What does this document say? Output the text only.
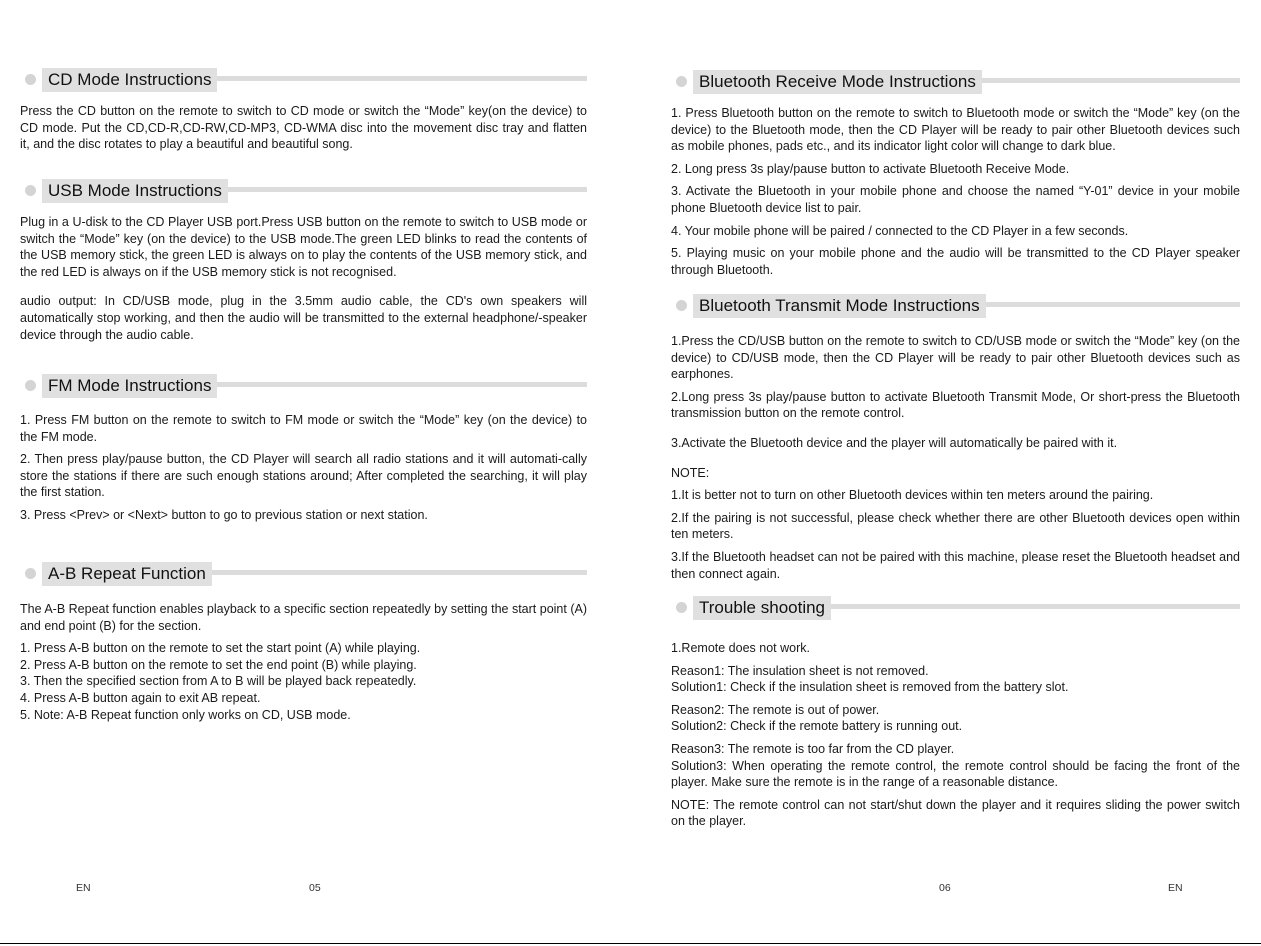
CD Mode Instructions

Press the CD button on the remote to switch to CD mode or switch the “Mode” key(on the device) to CD mode. Put the CD,CD-R,CD-RW,CD-MP3, CD-WMA disc into the movement disc tray and flatten it, and the disc rotates to play a beautiful and beautiful song.

USB Mode Instructions

Plug in a U-disk to the CD Player USB port.Press USB button on the remote to switch to USB mode or switch the “Mode” key (on the device) to the USB mode.The green LED blinks to read the contents of the USB memory stick, the green LED is always on to play the contents of the USB memory stick, and the red LED is always on if the USB memory stick is not recognised.

audio output: In CD/USB mode, plug in the 3.5mm audio cable, the CD's own speakers will automatically stop working, and then the audio will be transmitted to the external headphone/-speaker device through the audio cable.

FM Mode Instructions

1. Press FM button on the remote to switch to FM mode or switch the “Mode” key (on the device) to the FM mode.

2. Then press play/pause button, the CD Player will search all radio stations and it will automati-cally store the stations if there are such enough stations around; After completed the searching, it will play the first station.

3. Press <Prev> or <Next> button to go to previous station or next station.

A-B Repeat Function

The A-B Repeat function enables playback to a specific section repeatedly by setting the start point (A) and end point (B) for the section.

1. Press A-B button on the remote to set the start point (A) while playing.

2. Press A-B button on the remote to set the end point (B) while playing.

3. Then the specified section from A to B will be played back repeatedly.

4. Press A-B button again to exit AB repeat.

5. Note: A-B Repeat function only works on CD, USB mode.

EN	05
Bluetooth Receive Mode Instructions

1. Press Bluetooth button on the remote to switch to Bluetooth mode or switch the “Mode” key (on the device) to the Bluetooth mode, then the CD Player will be ready to pair other Bluetooth devices such as mobile phones, pads etc., and its indicator light color will change to dark blue.

2. Long press 3s play/pause button to activate Bluetooth Receive Mode.

3. Activate the Bluetooth in your mobile phone and choose the named “Y-01” device in your mobile phone Bluetooth device list to pair.

4. Your mobile phone will be paired / connected to the CD Player in a few seconds.

5. Playing music on your mobile phone and the audio will be transmitted to the CD Player speaker through Bluetooth.

Bluetooth Transmit Mode Instructions

1.Press the CD/USB button on the remote to switch to CD/USB mode or switch the “Mode” key (on the device) to CD/USB mode, then the CD Player will be ready to pair other Bluetooth devices such as earphones.

2.Long press 3s play/pause button to activate Bluetooth Transmit Mode, Or short-press the Bluetooth transmission button on the remote control.

3.Activate the Bluetooth device and the player will automatically be paired with it.

NOTE:

1.It is better not to turn on other Bluetooth devices within ten meters around the pairing.

2.If the pairing is not successful, please check whether there are other Bluetooth devices open within ten meters.

3.If the Bluetooth headset can not be paired with this machine, please reset the Bluetooth headset and then connect again.

Trouble shooting

1.Remote does not work.

Reason1: The insulation sheet is not removed.

Solution1: Check if the insulation sheet is removed from the battery slot.

Reason2: The remote is out of power.

Solution2: Check if the remote battery is running out.

Reason3: The remote is too far from the CD player.

Solution3: When operating the remote control, the remote control should be facing the front of the player. Make sure the remote is in the range of a reasonable distance.

NOTE: The remote control can not start/shut down the player and it requires sliding the power switch on the player.

06	EN
